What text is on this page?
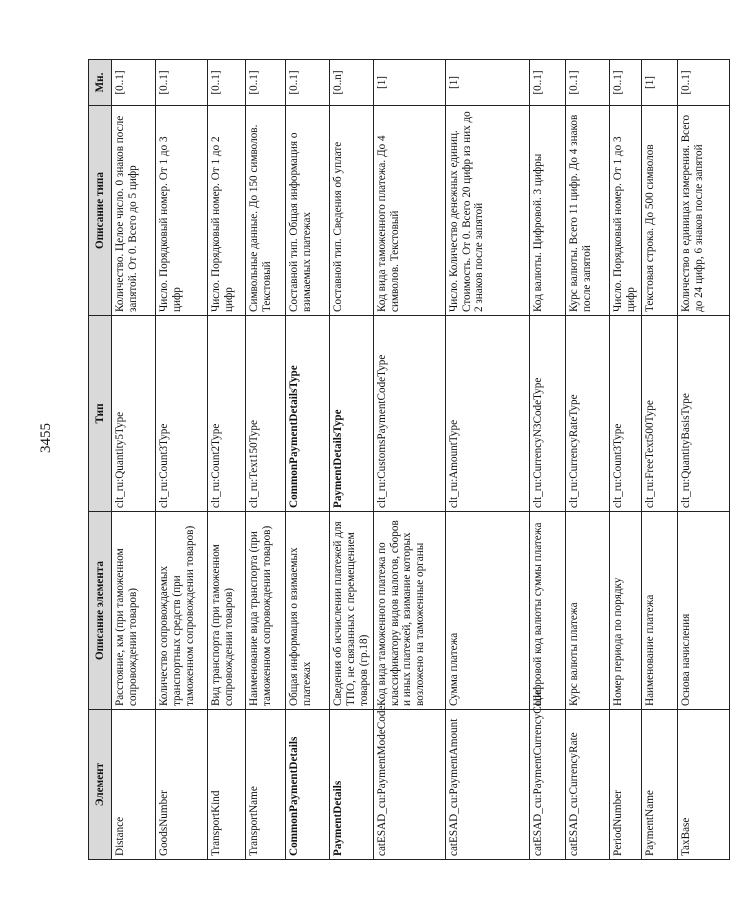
3455
Элемент	Описание элемента	Тип	Описание типа	Мн.
Distance	Расстояние, км (при таможенном сопровождении товаров)	clt_ru:Quantity5Type	Количество. Целое число. 0 знаков после запятой. От 0. Всего до 5 цифр	[0..1]
GoodsNumber	Количество сопровождаемых транспортных средств (при таможенном сопровождении товаров)	clt_ru:Count3Type	Число. Порядковый номер. От 1 до 3 цифр	[0..1]
TransportKind	Вид транспорта (при таможенном сопровождении товаров)	clt_ru:Count2Type	Число. Порядковый номер. От 1 до 2 цифр	[0..1]
TransportName	Наименование вида транспорта (при таможенном сопровождении товаров)	clt_ru:Text150Type	Символьные данные. До 150 символов. Текстовый	[0..1]
CommonPaymentDetails	Общая информация о взимаемых платежах	CommonPaymentDetailsType	Составной тип. Общая информация о взимаемых платежах	[0..1]
PaymentDetails	Сведения об исчислении платежей для ТПО, не связанных с перемещением товаров (гр.18)	PaymentDetailsType	Составной тип. Сведения об уплате	[0..n]
catESAD_cu:PaymentModeCode	Код вида таможенного платежа по классификатору видов налогов, сборов и иных платежей, взимание которых возложено на таможенные органы	clt_ru:CustomsPaymentCodeType	Код вида таможенного платежа. До 4 символов. Текстовый	[1]
catESAD_cu:PaymentAmount	Сумма платежа	clt_ru:AmountType	Число. Количество денежных единиц. Стоимость. От 0. Всего 20 цифр из них до 2 знаков после запятой	[1]
catESAD_cu:PaymentCurrencyCode	Цифровой код валюты суммы платежа	clt_ru:CurrencyN3CodeType	Код валюты. Цифровой. 3 цифры	[0..1]
catESAD_cu:CurrencyRate	Курс валюты платежа	clt_ru:CurrencyRateType	Курс валюты. Всего 11 цифр. До 4 знаков после запятой	[0..1]
PeriodNumber	Номер периода по порядку	clt_ru:Count3Type	Число. Порядковый номер. От 1 до 3 цифр	[0..1]
PaymentName	Наименование платежа	clt_ru:FreeText500Type	Текстовая строка. До 500 символов	[1]
TaxBase	Основа начисления	clt_ru:QuantityBasisType	Количество в единицах измерения. Всего до 24 цифр, 6 знаков после запятой	[0..1]
